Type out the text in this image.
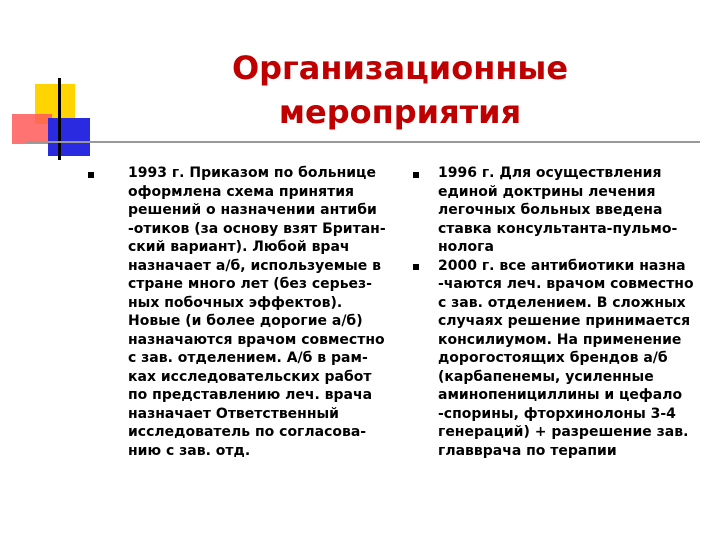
Организационные
мероприятия

1993 г. Приказом по больнице оформлена схема принятия решений о назначении антиби -отиков (за основу взят Британ-ский вариант). Любой врач назначает а/б, используемые в стране много лет (без серьез-ных побочных эффектов). Новые (и более дорогие а/б) назначаются врачом совместно с зав. отделением. А/б в рам-ках исследовательских работ по представлению леч. врача назначает Ответственный исследователь по согласова-нию с зав. отд.

1996 г. Для осуществления единой доктрины лечения легочных больных введена ставка консультанта-пульмо-нолога

2000 г. все антибиотики назна -чаются леч. врачом совместно с зав. отделением. В сложных случаях решение принимается консилиумом. На применение дорогостоящих брендов а/б (карбапенемы, усиленные аминопенициллины и цефало -спорины, фторхинолоны 3-4 генераций) + разрешение зав. главврача по терапии
